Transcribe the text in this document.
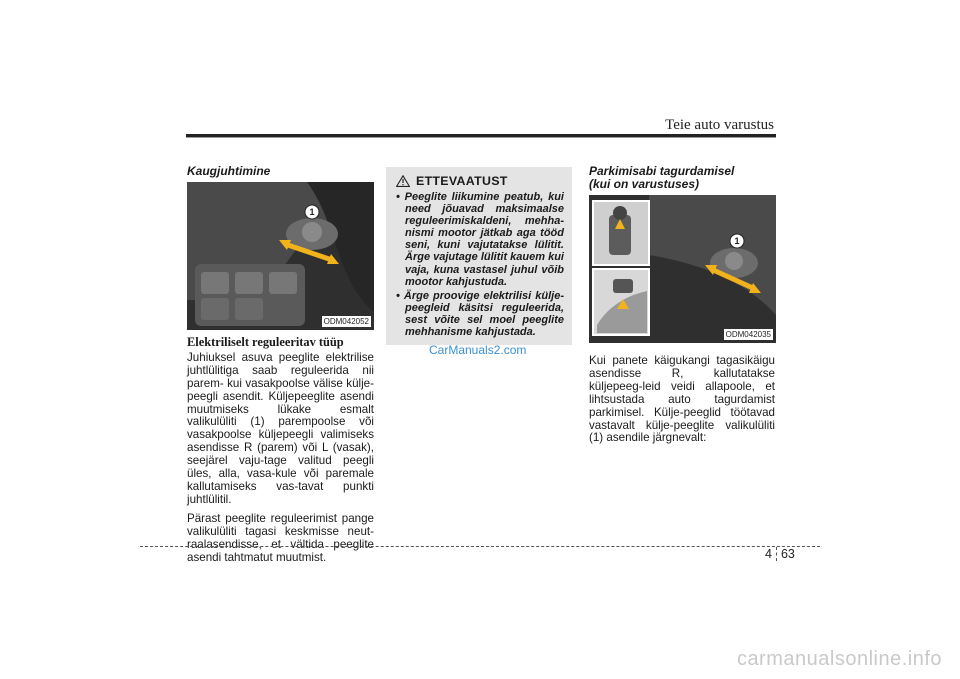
Teie auto varustus
Kaugjuhtimine
1
ODM042052
Elektriliselt reguleeritav tüüp

Juhiuksel asuva peeglite elektrilise juhtlülitiga saab reguleerida nii parem- kui vasakpoolse välise külje-peegli asendit. Küljepeeglite asendi muutmiseks lükake esmalt valikulüliti (1) parempoolse või vasakpoolse küljepeegli valimiseks asendisse R (parem) või L (vasak), seejärel vaju-tage valitud peegli üles, alla, vasa-kule või paremale kallutamiseks vas-tavat punkti juhtlülitil.

Pärast peeglite reguleerimist pange valikulüliti tagasi keskmisse neut-raalasendisse, et vältida peeglite asendi tahtmatut muutmist.

ETTEVAATUST
• Peeglite liikumine peatub, kui need jõuavad maksimaalse reguleerimiskaldeni, mehha-nismi mootor jätkab aga tööd seni, kuni vajutatakse lülitit. Ärge vajutage lülitit kauem kui vaja, kuna vastasel juhul võib mootor kahjustuda.
• Ärge proovige elektrilisi külje-peegleid käsitsi reguleerida, sest võite sel moel peeglite mehhanisme kahjustada.
CarManuals2.com
Parkimisabi tagurdamisel
(kui on varustuses)
1
ODM042035

Kui panete käigukangi tagasikäigu asendisse R, kallutatakse küljepeeg-leid veidi allapoole, et lihtsustada auto tagurdamist parkimisel. Külje-peeglid töötavad vastavalt külje-peeglite valikulüliti (1) asendile järgnevalt:

4 63
carmanualsonline.info
